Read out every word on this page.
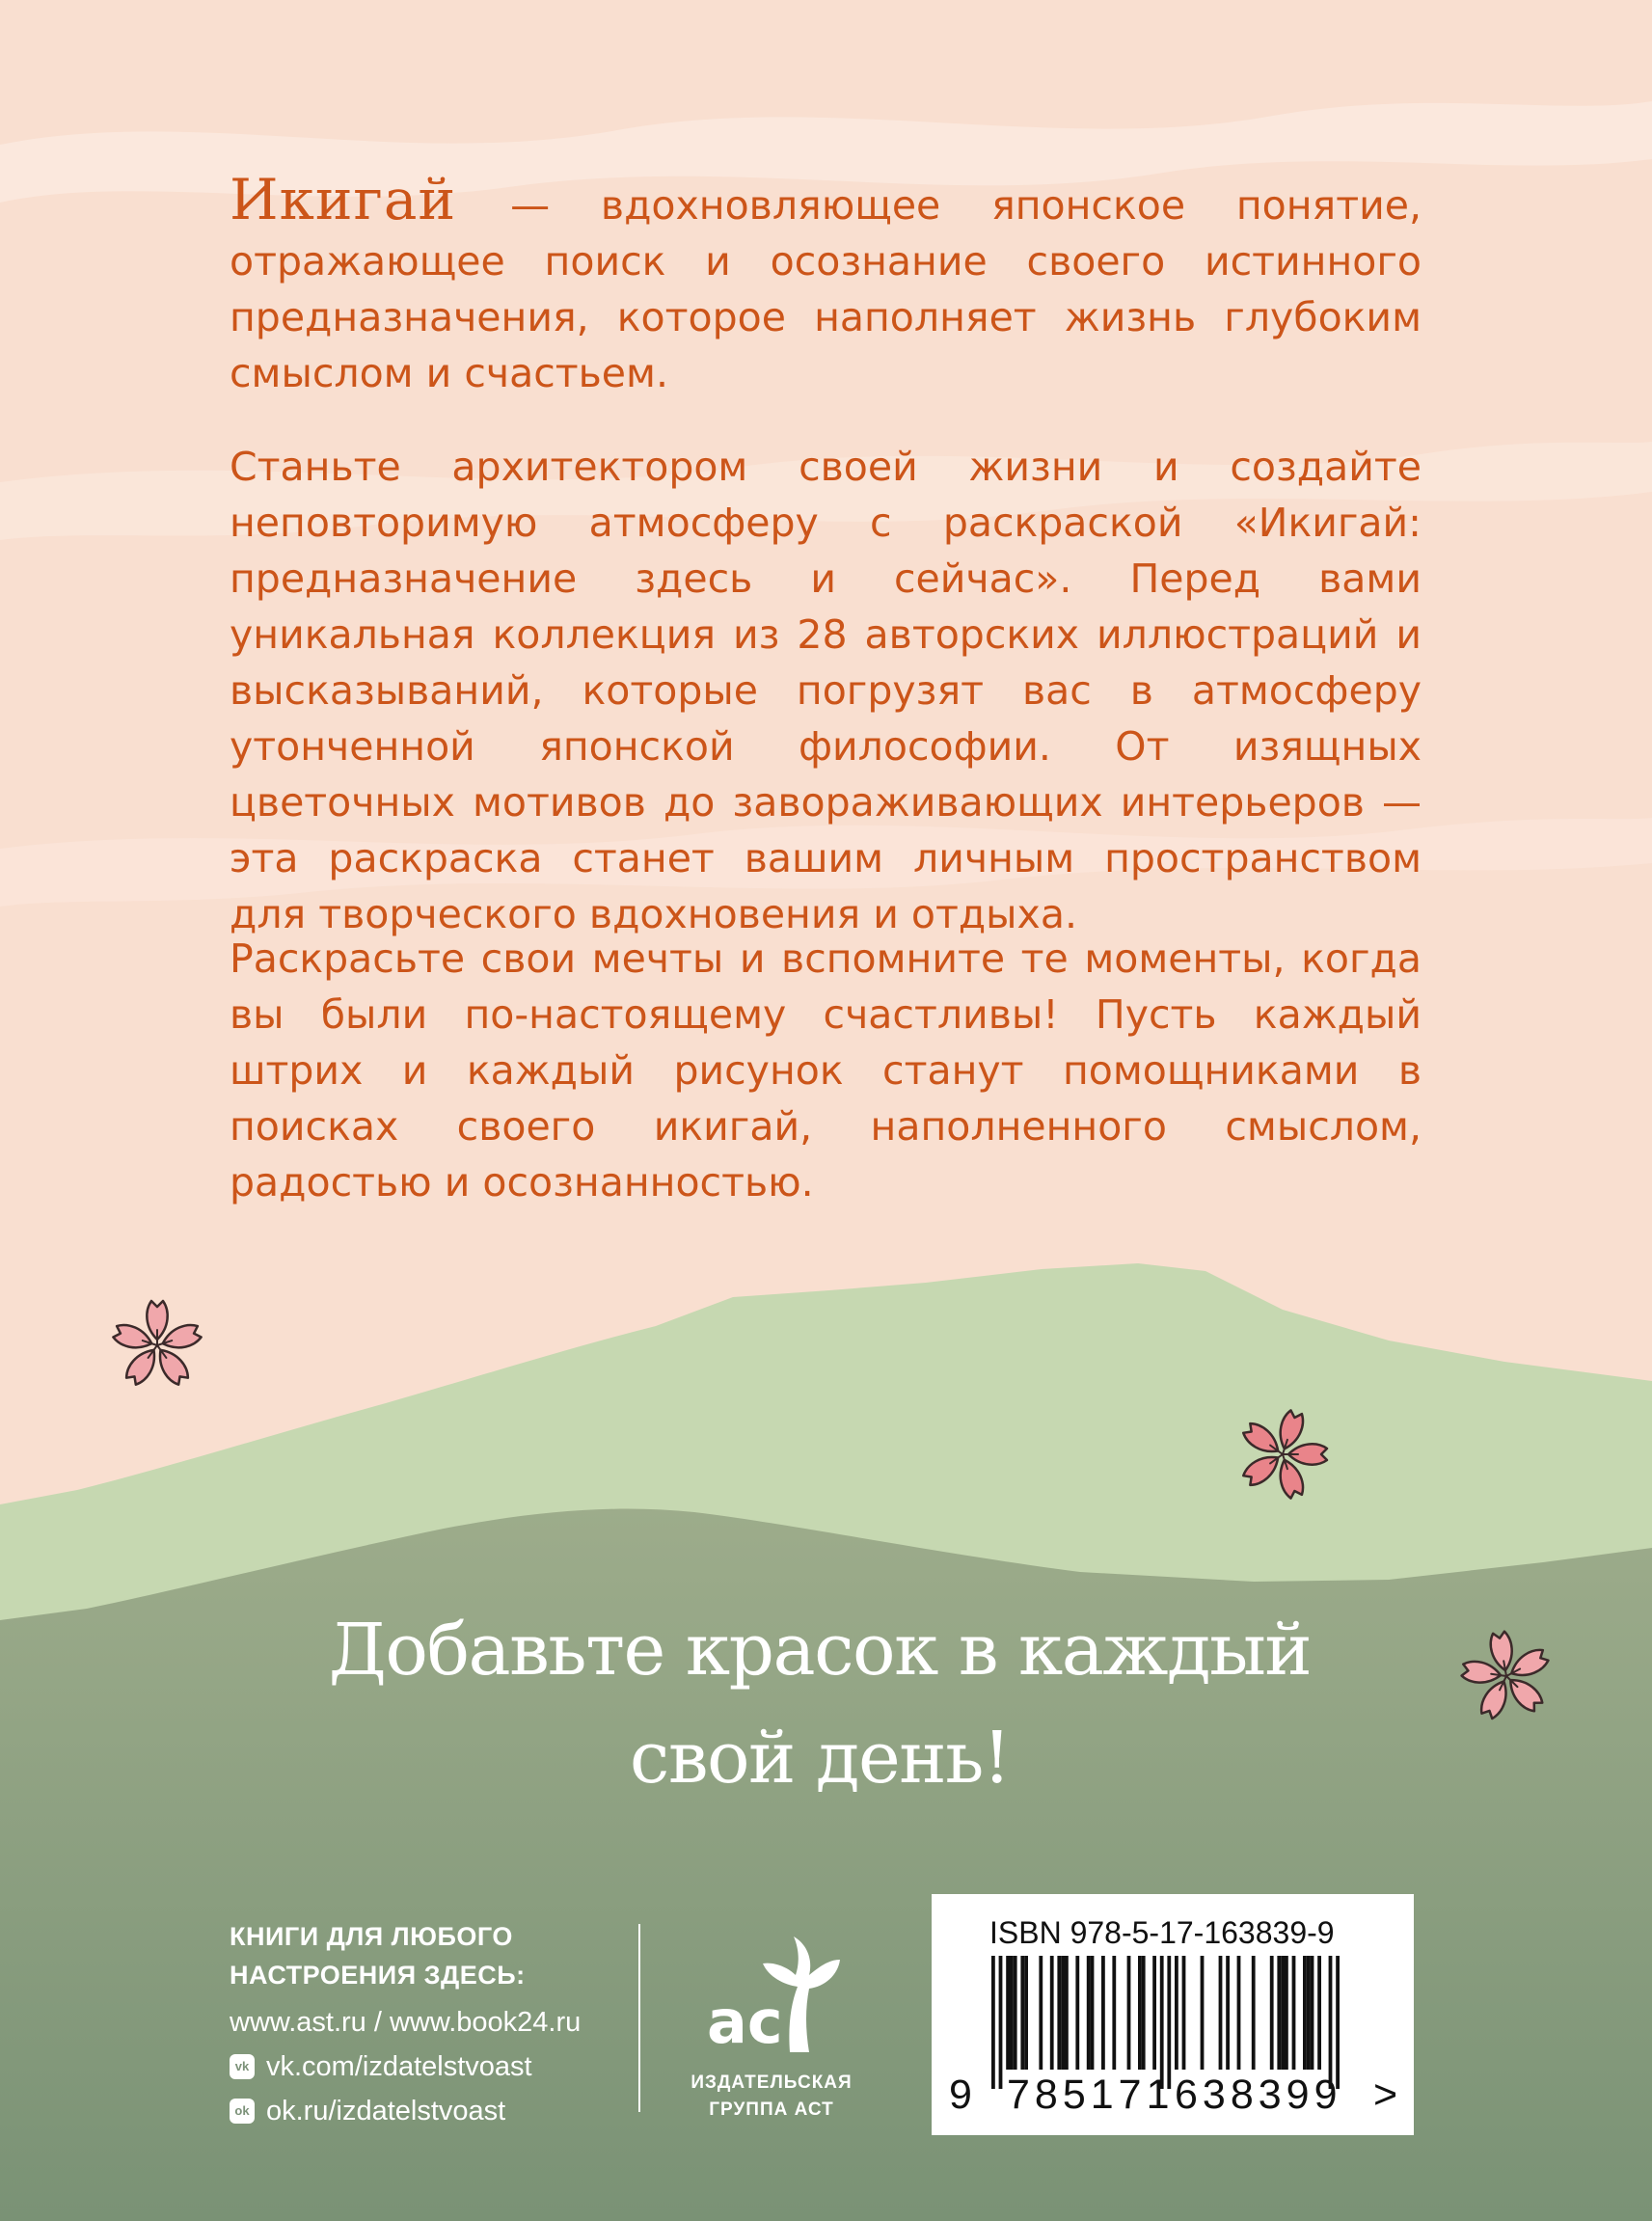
Икигай — вдохновляющее японское понятие, отражающее поиск и осознание своего истинного предназначения, которое наполняет жизнь глубоким смыслом и счастьем.

Станьте архитектором своей жизни и создайте неповторимую атмосферу с раскраской «Икигай: предназначение здесь и сейчас». Перед вами уникальная коллекция из 28 авторских иллюстраций и высказываний, которые погрузят вас в атмосферу утонченной японской философии. От изящных цветочных мотивов до завораживающих интерьеров — эта раскраска станет вашим личным пространством для творческого вдохновения и отдыха.

Раскрасьте свои мечты и вспомните те моменты, когда вы были по-настоящему счастливы! Пусть каждый штрих и каждый рисунок станут помощниками в поисках своего икигай, наполненного смыслом, радостью и осознанностью.

Добавьте красок в каждый
свой день!
КНИГИ ДЛЯ ЛЮБОГО
НАСТРОЕНИЯ ЗДЕСЬ:
www.ast.ru / www.book24.ru
vk vk.com/izdatelstvoast
ok ok.ru/izdatelstvoast
ас
ИЗДАТЕЛЬСКАЯ
ГРУППА АСТ
ISBN 978-5-17-163839-9
9 785171 638399 >
